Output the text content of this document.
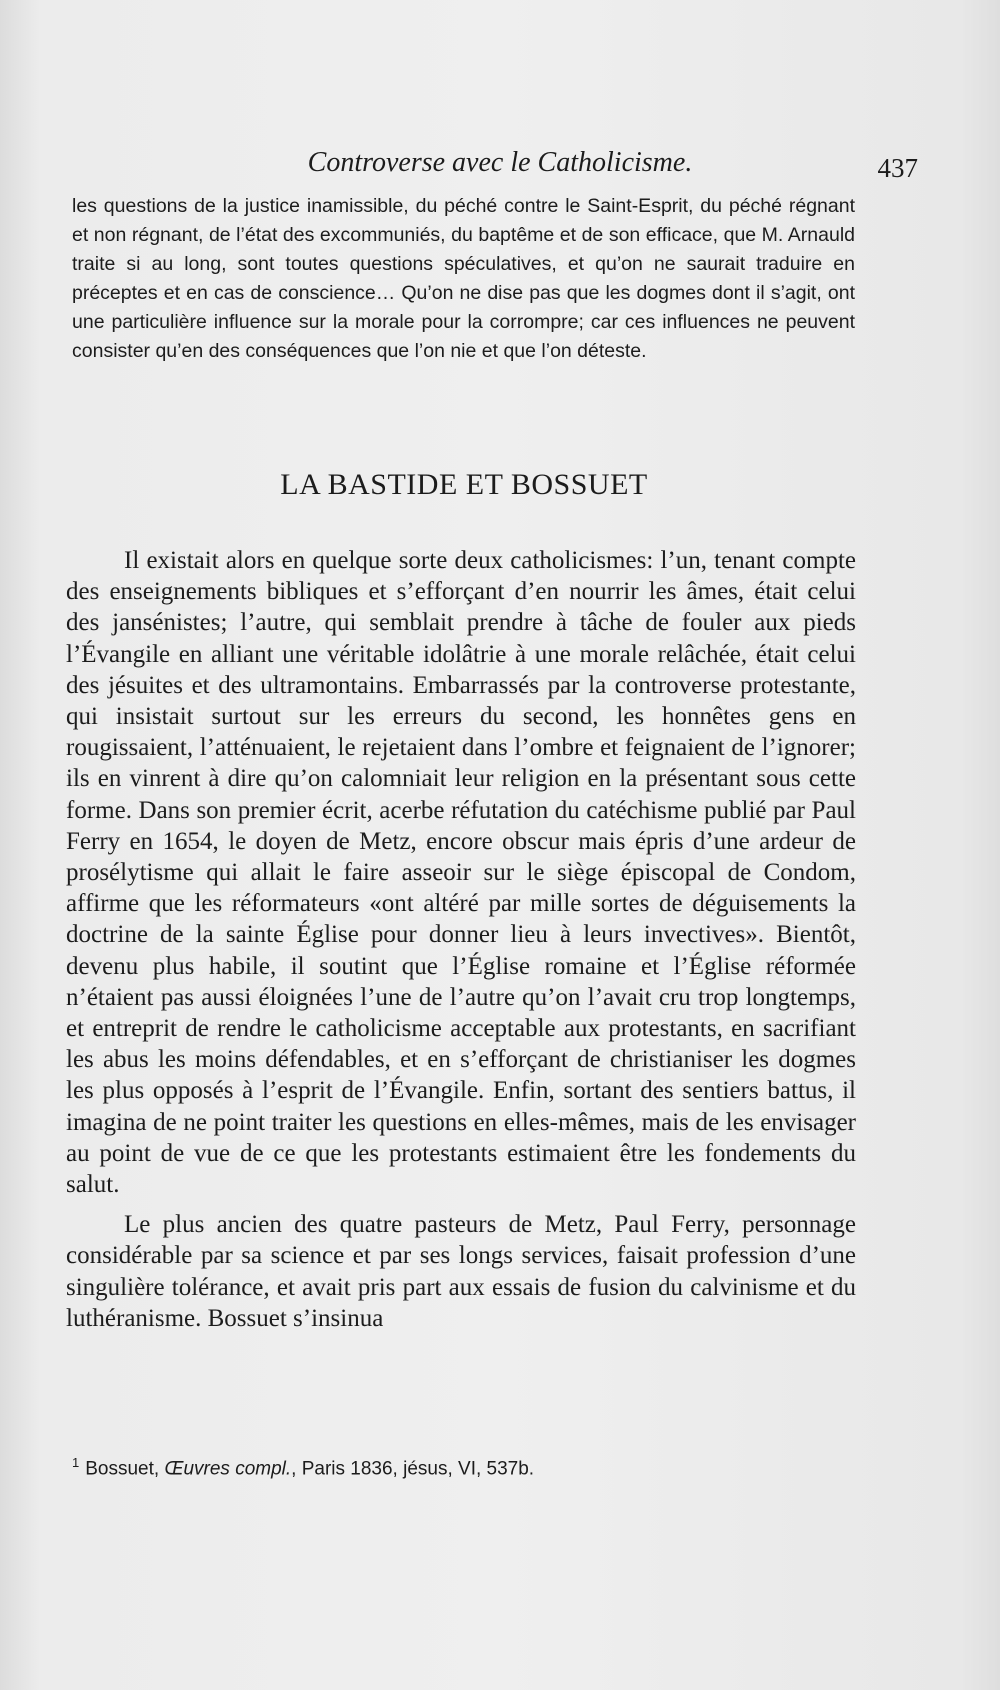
Controverse avec le Catholicisme.	437

les questions de la justice inamissible, du péché contre le Saint-Esprit, du péché régnant et non régnant, de l’état des excommuniés, du baptême et de son efficace, que M. Arnauld traite si au long, sont toutes questions spéculatives, et qu’on ne saurait traduire en préceptes et en cas de conscience… Qu’on ne dise pas que les dogmes dont il s’agit, ont une particulière influence sur la morale pour la corrompre; car ces influences ne peuvent consister qu’en des conséquences que l’on nie et que l’on déteste.

LA BASTIDE ET BOSSUET

Il existait alors en quelque sorte deux catholicismes: l’un, tenant compte des enseignements bibliques et s’efforçant d’en nourrir les âmes, était celui des jansénistes; l’autre, qui semblait prendre à tâche de fouler aux pieds l’Évangile en alliant une véritable idolâtrie à une morale relâchée, était celui des jésuites et des ultramontains. Embarrassés par la controverse protestante, qui insistait surtout sur les erreurs du second, les honnêtes gens en rougissaient, l’atténuaient, le rejetaient dans l’ombre et feignaient de l’ignorer; ils en vinrent à dire qu’on calomniait leur religion en la présentant sous cette forme. Dans son premier écrit, acerbe réfutation du catéchisme publié par Paul Ferry en 1654, le doyen de Metz, encore obscur mais épris d’une ardeur de prosélytisme qui allait le faire asseoir sur le siège épiscopal de Condom, affirme que les réformateurs «ont altéré par mille sortes de déguisements la doctrine de la sainte Église pour donner lieu à leurs invectives». Bientôt, devenu plus habile, il soutint que l’Église romaine et l’Église réformée n’étaient pas aussi éloignées l’une de l’autre qu’on l’avait cru trop longtemps, et entreprit de rendre le catholicisme acceptable aux protestants, en sacrifiant les abus les moins défendables, et en s’efforçant de christianiser les dogmes les plus opposés à l’esprit de l’Évangile. Enfin, sortant des sentiers battus, il imagina de ne point traiter les questions en elles-mêmes, mais de les envisager au point de vue de ce que les protestants estimaient être les fondements du salut.

Le plus ancien des quatre pasteurs de Metz, Paul Ferry, personnage considérable par sa science et par ses longs services, faisait profession d’une singulière tolérance, et avait pris part aux essais de fusion du calvinisme et du luthéranisme. Bossuet s’insinua

$^1$ Bossuet, Œuvres compl., Paris 1836, jésus, VI, 537b.
